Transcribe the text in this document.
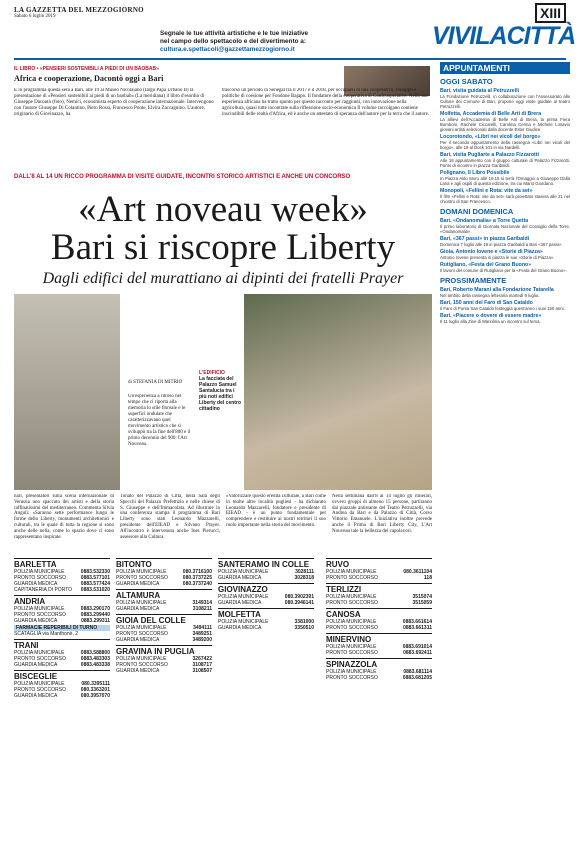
LA GAZZETTA DEL MEZZOGIORNO
Sabato 6 luglio 2019	XIII
Segnale le tue attività artistiche e le tue iniziative
nel campo dello spettacolo e del divertimento a:
cultura.e.spettacoli@gazzettamezzogiorno.it	VIVILACITTÀ
IL LIBRO • «PENSIERI SOSTENIBILI A PIEDI DI UN BAOBAB»
Africa e cooperazione, Dacontò oggi a Bari
È in programma questa sera a Bari, alle 19 al Museo Nicolaiano (largo Papa Urbano II) la presentazione di «Pensieri sostenibili ai piedi di un baobab» (La meridiana) il libro d'esordio di Giuseppe Dacontò (foto), Nemici, economista esperto di cooperazione internazionale. Intervengono con l'autore Giuseppe Di Colantino, Piero Rossi, Francesco Ponte, Elvira Zaccagnino. L'autore, originario di Giovinazzo, ha
trascorso un periodo in Senegal tra il 2017 e il 2018, per occuparsi di una cooperativa, sviluppo e politiche di coesione per Fondone Bajapo. Il fondatore della cooperativa di Confcooperative. Nella sua esperienza africana ha tratto spunto per questo racconto per raggiunti, con innovazione nella agricoltura, quasi tutte incontrate sulla riflessione socio-economica Il volume raccolgano contiene inscindibili delle realtà d'Africa, ed è anche un attestato di speranza dell'autore per la terra che il autore.
DALL'8 AL 14 UN RICCO PROGRAMMA DI VISITE GUIDATE, INCONTRI STORICO ARTISTICI E ANCHE UN CONCORSO
«Art noveau week»
Bari si riscopre Liberty
Dagli edifici del murattiano ai dipinti dei fratelli Prayer
di STEFANIA DI MITRIO
Un'esperienza a ritroso nel tempo che ci riporta alla memoria lo stile floreale e le superfici ondulate che caratterizzavano quel movimento artistico che si sviluppò tra la fine dell'800 e il primo decennio del 900: l'Art Nouveau.
L'EDIFICIO
La facciata del Palazzo Samuel Santalucia tra i più noti edifici Liberty del centro cittadino
nari, presentatori sulla scena internazionale di Venezia uno spaccato dei artisti e della storia raffinatissimi del mediterraneo. Commenta Silvia Anguli: «Saranno sette performance lungo le forme dello Liberty, monumenti architettonici e culturali, tra le quale di tutta la regione si sono anche delle nella, come lo spazio dove ci sono rappresentano inspirate.
Tonato del Palazzo di Città, nella Sala degli Specchi del Palazzo Prefettizio e nelle chiese di S. Giuseppe e dell'Immacolata. Ad illustrare in una conferenza stampa il programma di Bari Liberty sono stati Leonardo Mazzarelli, presidente dell'EIEAD e Silvano Prayer. All'incontro è intervenuta anche Ines Pierucci, assessore alla Cultura.
«Valorizzare questo eredità culturale, a Bari come in molte altre località pugliesi - ha dichiarato Leonardo Mazzarelli, fondatore e presidente di EIEAD - è un punto fondamentale per comprendere e restituire ai nostri territori il suo ruolo importante nella storia del movimento.
Nella settimana dall'8 al 14 luglio gli itinerari, ovvero gruppi di almeno 15 persone, partiranno dal piazzale antistante del Teatro Petruzzelli, via Andrea da Bari e da Palazzo di Città, Corso Vittorio Emanuele. L'iniziativa inoltre prevede anche il Prima di Bari Liberty City, L'Art Nouveau tale la bellezza dei capolavori.
BARLETTA
POLIZIA MUNICIPALE	0883.532330
PRONTO SOCCORSO	0883.577101
GUARDIA MEDICA	0883.577424
CAPITANERIA DI PORTO 0883.531020
ANDRIA
POLIZIA MUNICIPALE	0883.290170
PRONTO SOCCORSO	0883.299440
GUARDIA MEDICA	0883.299311
FARMACIE REPERIBILI DI TURNO
SCATAGLIA via Manthonè, 2
TRANI
POLIZIA MUNICIPALE	0883.588800
PRONTO SOCCORSO	0883.483303
GUARDIA MEDICA	0883.483338
BISCEGLIE
POLIZIA MUNICIPALE	080.3395111
PRONTO SOCCORSO	080.3363201
GUARDIA MEDICA	080.3957070
BITONTO
POLIZIA MUNICIPALE	080.3716100
PRONTO SOCCORSO	080.3737225
GUARDIA MEDICA	080.3737240
ALTAMURA
POLIZIA MUNICIPALE	3149314
GUARDIA MEDICA	3108211
GIOIA DEL COLLE
POLIZIA MUNICIPALE	3494111
PRONTO SOCCORSO	3489251
GUARDIA MEDICA	3489200
GRAVINA IN PUGLIA
POLIZIA MUNICIPALE	3267422
PRONTO SOCCORSO	3108717
GUARDIA MEDICA	3108507
SANTERAMO IN COLLE
POLIZIA MUNICIPALE	3028111
GUARDIA MEDICA	3028318
GIOVINAZZO
POLIZIA MUNICIPALE	080.3902391
GUARDIA MEDICA	080.3946141
MOLFETTA
POLIZIA MUNICIPALE	3381000
GUARDIA MEDICA	3350510
RUVO
POLIZIA MUNICIPALE	080.3611104
PRONTO SOCCORSO	118
TERLIZZI
POLIZIA MUNICIPALE	3515074
PRONTO SOCCORSO	3515059
CANOSA
POLIZIA MUNICIPALE	0883.661614
PRONTO SOCCORSO	0883.661311
MINERVINO
POLIZIA MUNICIPALE	0883.691014
PRONTO SOCCORSO	0883.692411
SPINAZZOLA
POLIZIA MUNICIPALE	0883.681114
PRONTO SOCCORSO	0883.681205
APPUNTAMENTI
OGGI SABATO
Bari, visita guidata al Petruzzelli
La Fondazione Petruzzelli, in collaborazione con l'Assessorato alle Culture del Comune di Bari, propone oggi visite guidate al teatro Petruzzelli.
Molfetta, Accademia di Belle Arti di Brera
La allievi dell'Accademia di Belle Arti di Brera, la prima Fiera Bomboni, Rachele Ciccarelli, Carolina Cerina e Michele Losavio giovani artisti selezionati dalla docente Ester Giudice.
Locorotondo, «Libri nei vicoli del borgo»
Per il secondo appuntamento della rassegna «Libri nei vicoli del borgo», alle 19 al Dock 101 in via Nardelli.
Bari, visita Pugliarte a Palazzo Fizzarotti
Alle 18 appuntamento con il gruppo culturale di Palazzo Fizzarotti. Punto di incontro in piazza Garibaldi.
Polignano, Il Libro Possibile
In Piazza Aldo Moro alle 19.15 si terrà l'Omaggio a Giuseppe Dalla Lana e agli ospiti di questa edizione, tra cui Mario Giordano.
Monopoli, «Fellini e Rota: vite da set»
Il film «Fellini e Rota: vite da set» sarà proiettato stasera alle 21 nel chiostro di San Francesco.
DOMANI DOMENICA
Bari, «Ondanomalia» a Torre Quetta
Il primo laboratorio di Giornata Nazionale del Consiglio della Torre, «Ondanomalia».
Bari, «367 passi» in piazza Garibaldi
Domenica 7 luglio alle 19 in piazza Garibaldi a Bari «367 passi».
Gioia, Antonio Iovene e «Storie di Piazza»
Antonio Iovene presenta in piazza le sue «Storie di Piazza».
Rutigliano, «Festa del Grano Buono»
Il lavoro del comune di Rutigliano per la «Festa del Grano Buono».
PROSSIMAMENTE
Bari, Roberto Marani alla Fondazione Tatarella
Nel ambito della rassegna letteraria martedì 9 luglio.
Bari, 150 anni del Faro di San Cataldo
Il Faro di Punta San Cataldo festeggia quest'anno i suoi 150 anni.
Bari, «Piacere o dovere di essere madre»
Il 11 luglio alla Zine di Mariolina un incontro sul tema.
